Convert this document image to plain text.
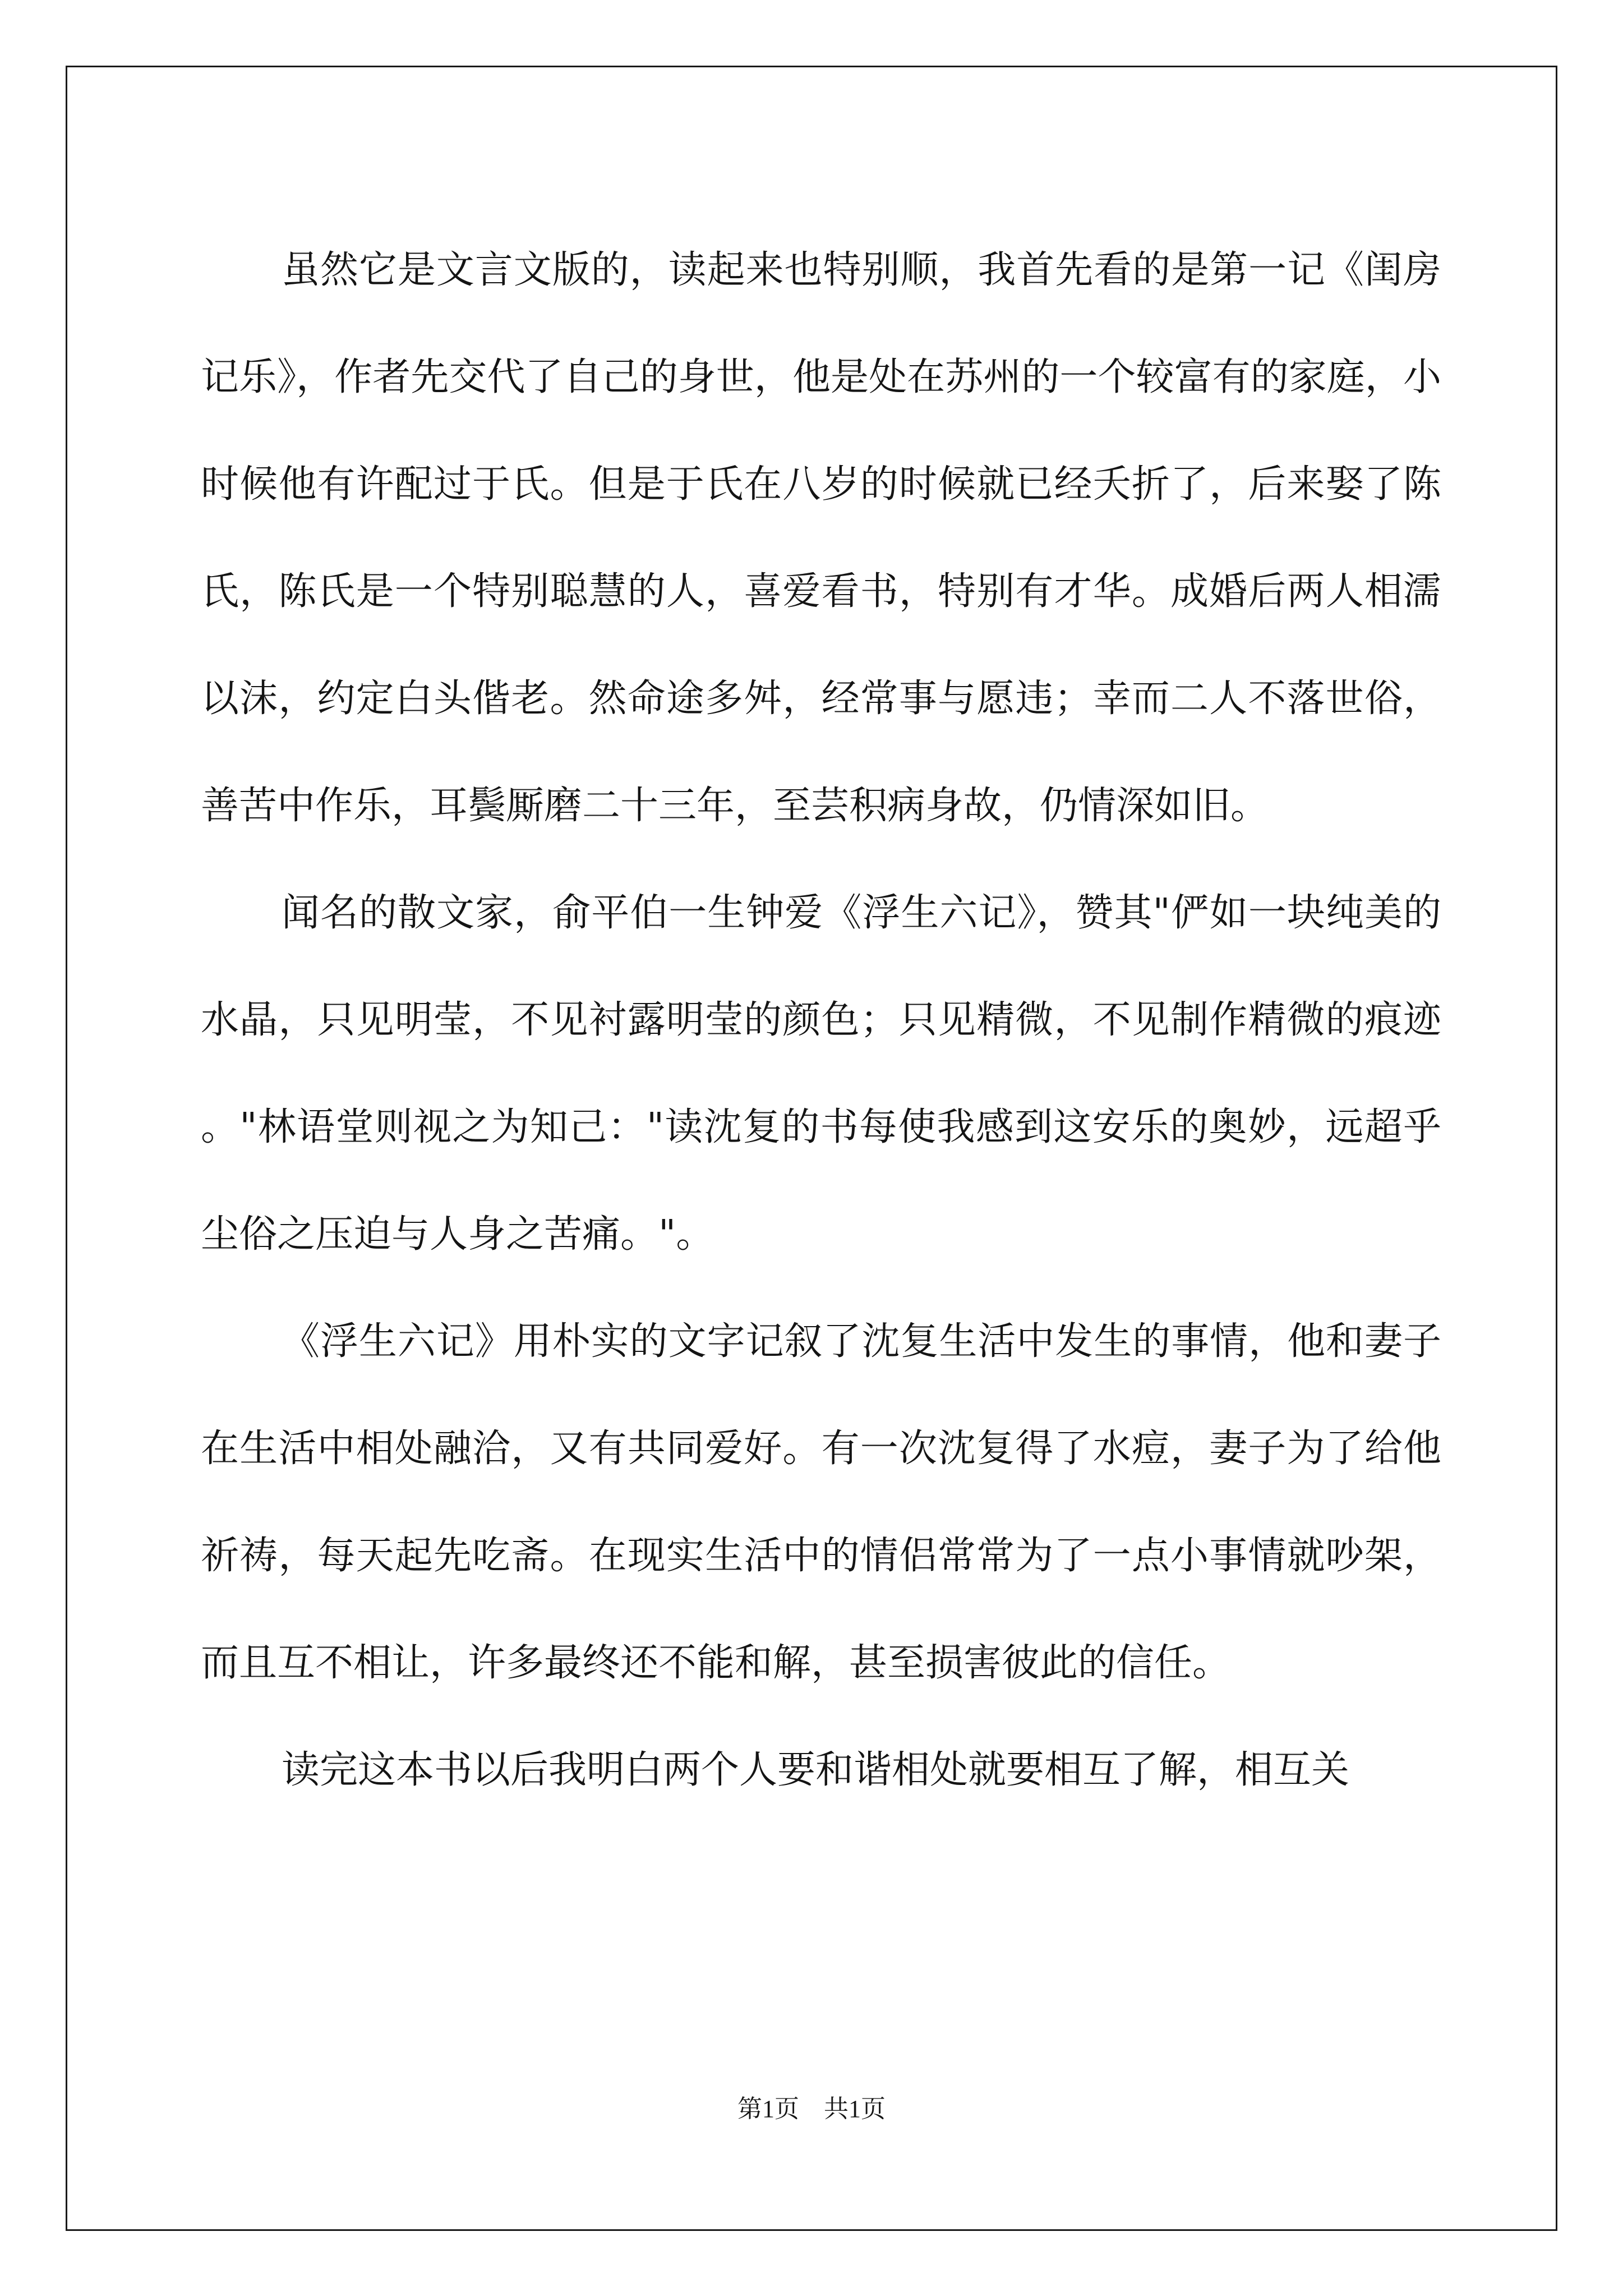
虽然它是文言文版的，读起来也特别顺，我首先看的是第一记《闺房记乐》，作者先交代了自己的身世，他是处在苏州的一个较富有的家庭，小时候他有许配过于氏。但是于氏在八岁的时候就已经夭折了，后来娶了陈氏，陈氏是一个特别聪慧的人，喜爱看书，特别有才华。成婚后两人相濡以沫，约定白头偕老。然命途多舛，经常事与愿违；幸而二人不落世俗，善苦中作乐，耳鬓厮磨二十三年，至芸积病身故，仍情深如旧。

闻名的散文家，俞平伯一生钟爱《浮生六记》，赞其"俨如一块纯美的水晶，只见明莹，不见衬露明莹的颜色；只见精微，不见制作精微的痕迹。"林语堂则视之为知己："读沈复的书每使我感到这安乐的奥妙，远超乎尘俗之压迫与人身之苦痛。"。

《浮生六记》用朴实的文字记叙了沈复生活中发生的事情，他和妻子在生活中相处融洽，又有共同爱好。有一次沈复得了水痘，妻子为了给他祈祷，每天起先吃斋。在现实生活中的情侣常常为了一点小事情就吵架，而且互不相让，许多最终还不能和解，甚至损害彼此的信任。

读完这本书以后我明白两个人要和谐相处就要相互了解，相互关

第1页　共1页
